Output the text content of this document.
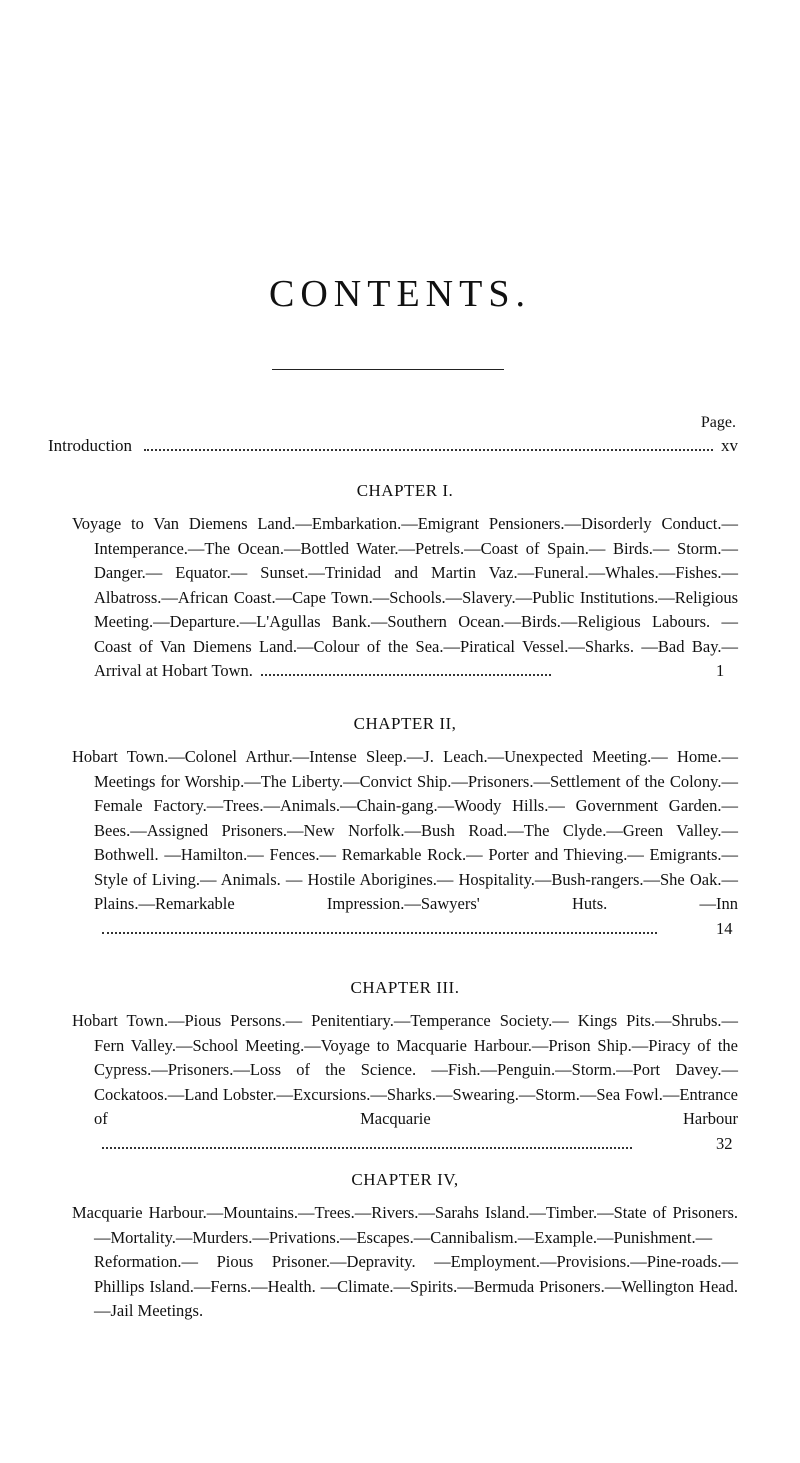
CONTENTS.
Page.
Introduction	xv
CHAPTER I.

Voyage to Van Diemens Land.—Embarkation.—Emigrant Pensioners.—Disorderly Conduct.—Intemperance.—The Ocean.—Bottled Water.—Petrels.—Coast of Spain.— Birds.— Storm.— Danger.— Equator.— Sunset.—Trinidad and Martin Vaz.—Funeral.—Whales.—Fishes.—Albatross.—African Coast.—Cape Town.—Schools.—Slavery.—Public Institutions.—Religious Meeting.—Departure.—L'Agullas Bank.—Southern Ocean.—Birds.—Religious Labours. —Coast of Van Diemens Land.—Colour of the Sea.—Piratical Vessel.—Sharks. —Bad Bay.—Arrival at Hobart Town.	1

CHAPTER II,

Hobart Town.—Colonel Arthur.—Intense Sleep.—J. Leach.—Unexpected Meeting.— Home.— Meetings for Worship.—The Liberty.—Convict Ship.—Prisoners.—Settlement of the Colony.—Female Factory.—Trees.—Animals.—Chain-gang.—Woody Hills.— Government Garden.— Bees.—Assigned Prisoners.—New Norfolk.—Bush Road.—The Clyde.—Green Valley.—Bothwell. —Hamilton.— Fences.— Remarkable Rock.— Porter and Thieving.— Emigrants.—Style of Living.— Animals. — Hostile Aborigines.— Hospitality.—Bush-rangers.—She Oak.—Plains.—Remarkable Impression.—Sawyers' Huts. —Inn
14

CHAPTER III.

Hobart Town.—Pious Persons.— Penitentiary.—Temperance Society.— Kings Pits.—Shrubs.—Fern Valley.—School Meeting.—Voyage to Macquarie Harbour.—Prison Ship.—Piracy of the Cypress.—Prisoners.—Loss of the Science. —Fish.—Penguin.—Storm.—Port Davey.—Cockatoos.—Land Lobster.—Excursions.—Sharks.—Swearing.—Storm.—Sea Fowl.—Entrance of Macquarie Harbour
32

CHAPTER IV,

Macquarie Harbour.—Mountains.—Trees.—Rivers.—Sarahs Island.—Timber.—State of Prisoners.—Mortality.—Murders.—Privations.—Escapes.—Cannibalism.—Example.—Punishment.—Reformation.— Pious Prisoner.—Depravity. —Employment.—Provisions.—Pine-roads.—Phillips Island.—Ferns.—Health. —Climate.—Spirits.—Bermuda Prisoners.—Wellington Head.—Jail Meetings.
